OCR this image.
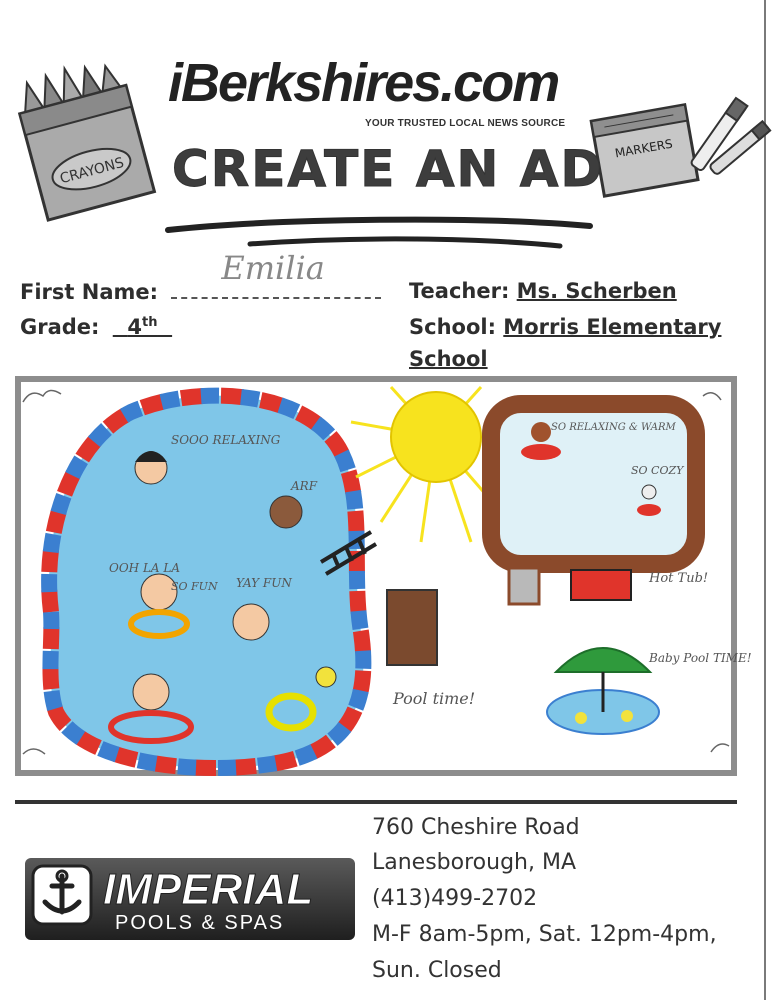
CRAYONS
MARKERS
iBerkshires.com
YOUR TRUSTED LOCAL NEWS SOURCE
CREATE AN AD
First Name:
Emilia
Grade: 4th
Teacher: Ms. Scherben
School: Morris Elementary
School
SOOO RELAXING
ARF
OOH LA LA
SO FUN YAY FUN
SO RELAXING & WARM
SO COZY
Hot Tub!
Pool time!
Baby Pool TIME!
IMPERIAL
POOLS & SPAS
760 Cheshire Road
Lanesborough, MA
(413)499-2702
M-F 8am-5pm, Sat. 12pm-4pm,
Sun. Closed
